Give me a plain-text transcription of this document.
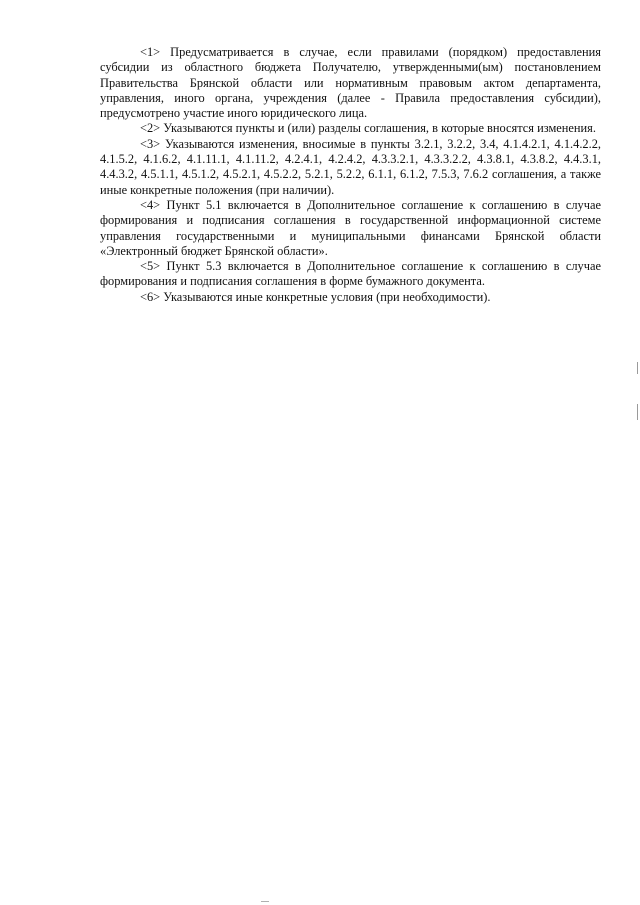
<1> Предусматривается в случае, если правилами (порядком) предоставления субсидии из областного бюджета Получателю, утвержденными(ым) постановлением Правительства Брянской области или нормативным правовым актом департамента, управления, иного органа, учреждения (далее - Правила предоставления субсидии), предусмотрено участие иного юридического лица.

<2> Указываются пункты и (или) разделы соглашения, в которые вносятся изменения.

<3> Указываются изменения, вносимые в пункты 3.2.1, 3.2.2, 3.4, 4.1.4.2.1, 4.1.4.2.2, 4.1.5.2, 4.1.6.2, 4.1.11.1, 4.1.11.2, 4.2.4.1, 4.2.4.2, 4.3.3.2.1, 4.3.3.2.2, 4.3.8.1, 4.3.8.2, 4.4.3.1, 4.4.3.2, 4.5.1.1, 4.5.1.2, 4.5.2.1, 4.5.2.2, 5.2.1, 5.2.2, 6.1.1, 6.1.2, 7.5.3, 7.6.2 соглашения, а также иные конкретные положения (при наличии).

<4> Пункт 5.1 включается в Дополнительное соглашение к соглашению в случае формирования и подписания соглашения в государственной информационной системе управления государственными и муниципальными финансами Брянской области «Электронный бюджет Брянской области».

<5> Пункт 5.3 включается в Дополнительное соглашение к соглашению в случае формирования и подписания соглашения в форме бумажного документа.

<6> Указываются иные конкретные условия (при необходимости).
